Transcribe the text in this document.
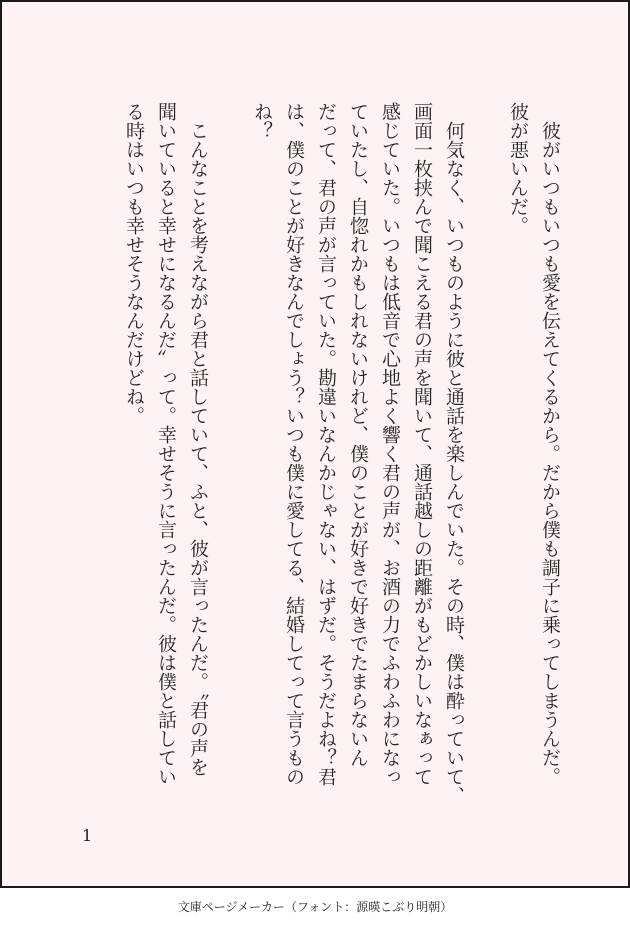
彼がいつもいつも愛を伝えてくるから。だから僕も調子に乗ってしまうんだ。
彼が悪いんだ。
何気なく、いつものように彼と通話を楽しんでいた。その時、僕は酔っていて、
画面一枚挟んで聞こえる君の声を聞いて、通話越しの距離がもどかしいなぁって
感じていた。いつもは低音で心地よく響く君の声が、お酒の力でふわふわになっ
ていたし、自惚れかもしれないけれど、僕のことが好きで好きでたまらないん
だって、君の声が言っていた。勘違いなんかじゃない、はずだ。そうだよね？君
は、僕のことが好きなんでしょう？いつも僕に愛してる、結婚してって言うもの
ね？
こんなことを考えながら君と話していて、ふと、彼が言ったんだ。〝君の声を
聞いていると幸せになるんだ〟って。幸せそうに言ったんだ。彼は僕と話してい
る時はいつも幸せそうなんだけどね。
1
文庫ページメーカー（フォント：源暎こぶり明朝）
